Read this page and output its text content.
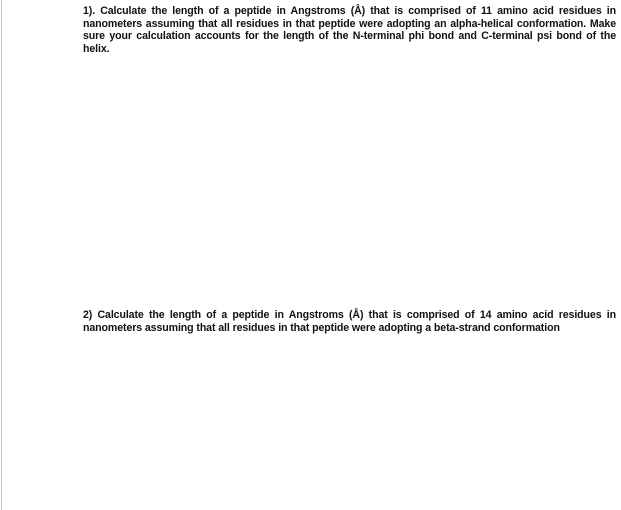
1). Calculate the length of a peptide in Angstroms (Å) that is comprised of 11 amino acid residues in nanometers assuming that all residues in that peptide were adopting an alpha-helical conformation. Make sure your calculation accounts for the length of the N-terminal phi bond and C-terminal psi bond of the helix.

2) Calculate the length of a peptide in Angstroms (Å) that is comprised of 14 amino acid residues in nanometers assuming that all residues in that peptide were adopting a beta-strand conformation
